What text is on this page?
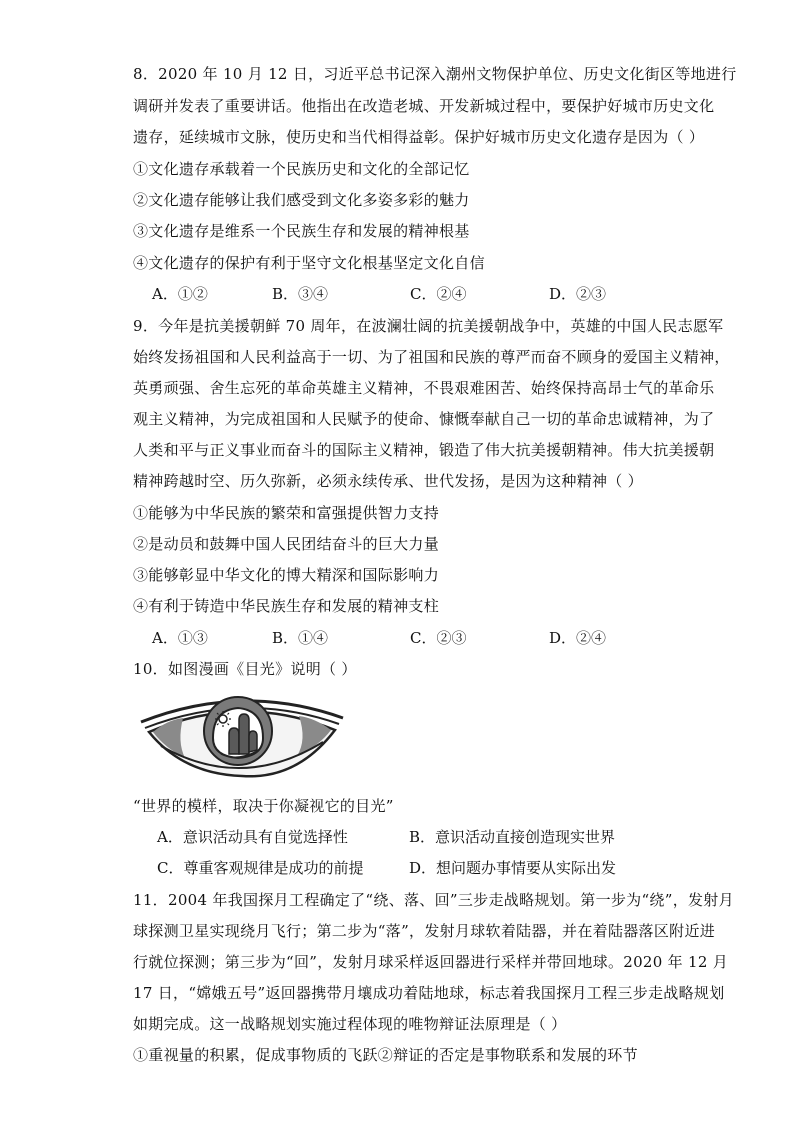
8．2020 年 10 月 12 日，习近平总书记深入潮州文物保护单位、历史文化街区等地进行
调研并发表了重要讲话。他指出在改造老城、开发新城过程中，要保护好城市历史文化
遗存，延续城市文脉，使历史和当代相得益彰。保护好城市历史文化遗存是因为（ ）
①文化遗存承载着一个民族历史和文化的全部记忆
②文化遗存能够让我们感受到文化多姿多彩的魅力
③文化遗存是维系一个民族生存和发展的精神根基
④文化遗存的保护有利于坚守文化根基坚定文化自信
A．①②	B．③④	C．②④	D．②③
9．今年是抗美援朝鲜 70 周年，在波澜壮阔的抗美援朝战争中，英雄的中国人民志愿军
始终发扬祖国和人民利益高于一切、为了祖国和民族的尊严而奋不顾身的爱国主义精神，
英勇顽强、舍生忘死的革命英雄主义精神，不畏艰难困苦、始终保持高昂士气的革命乐
观主义精神，为完成祖国和人民赋予的使命、慷慨奉献自己一切的革命忠诚精神，为了
人类和平与正义事业而奋斗的国际主义精神，锻造了伟大抗美援朝精神。伟大抗美援朝
精神跨越时空、历久弥新，必须永续传承、世代发扬，是因为这种精神（ ）
①能够为中华民族的繁荣和富强提供智力支持
②是动员和鼓舞中国人民团结奋斗的巨大力量
③能够彰显中华文化的博大精深和国际影响力
④有利于铸造中华民族生存和发展的精神支柱
A．①③	B．①④	C．②③	D．②④
10．如图漫画《目光》说明（ ）
“世界的模样，取决于你凝视它的目光”
A．意识活动具有自觉选择性	B．意识活动直接创造现实世界
C．尊重客观规律是成功的前提	D．想问题办事情要从实际出发
11．2004 年我国探月工程确定了“绕、落、回”三步走战略规划。第一步为“绕”，发射月
球探测卫星实现绕月飞行；第二步为“落”，发射月球软着陆器，并在着陆器落区附近进
行就位探测；第三步为“回”，发射月球采样返回器进行采样并带回地球。2020 年 12 月
17 日，“嫦娥五号”返回器携带月壤成功着陆地球，标志着我国探月工程三步走战略规划
如期完成。这一战略规划实施过程体现的唯物辩证法原理是（ ）
①重视量的积累，促成事物质的飞跃②辩证的否定是事物联系和发展的环节
